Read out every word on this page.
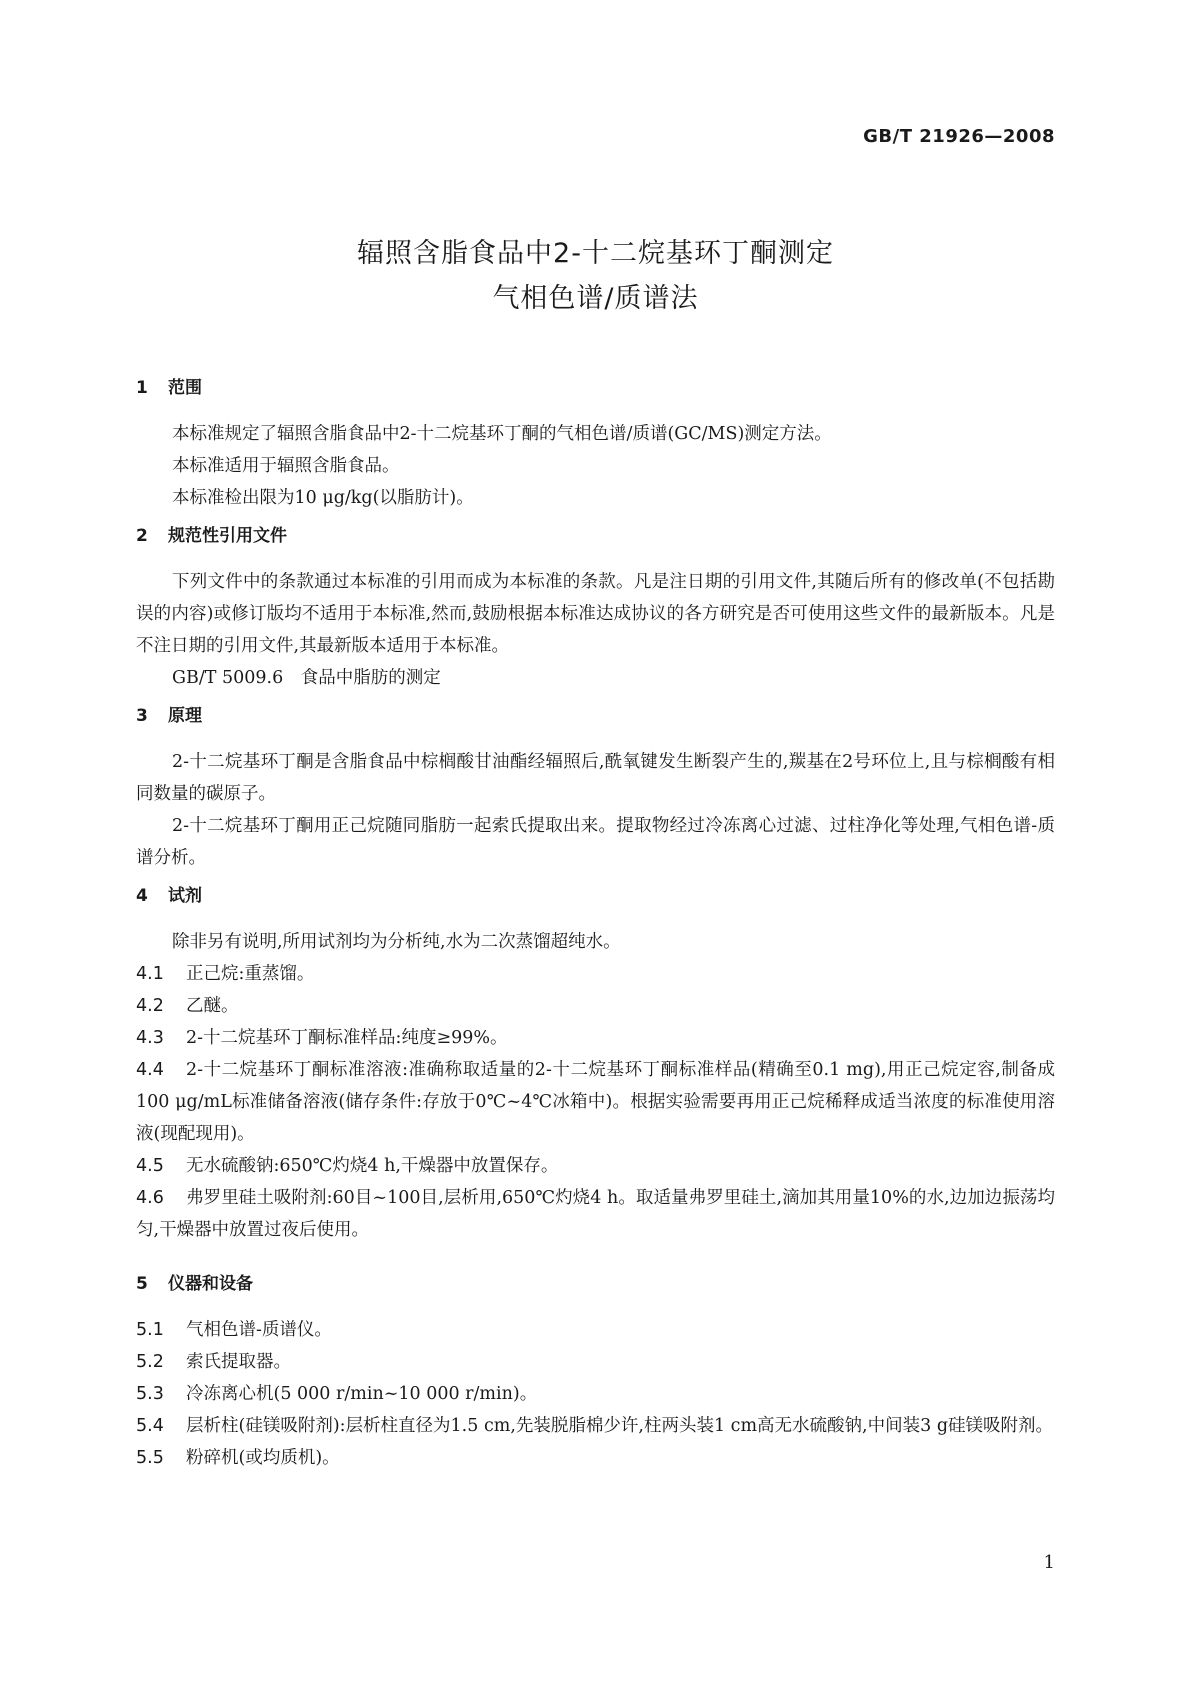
GB/T 21926—2008
辐照含脂食品中2-十二烷基环丁酮测定
气相色谱/质谱法
1 范围

本标准规定了辐照含脂食品中2-十二烷基环丁酮的气相色谱/质谱(GC/MS)测定方法。

本标准适用于辐照含脂食品。

本标准检出限为10 μg/kg(以脂肪计)。

2 规范性引用文件

下列文件中的条款通过本标准的引用而成为本标准的条款。凡是注日期的引用文件,其随后所有的修改单(不包括勘误的内容)或修订版均不适用于本标准,然而,鼓励根据本标准达成协议的各方研究是否可使用这些文件的最新版本。凡是不注日期的引用文件,其最新版本适用于本标准。

GB/T 5009.6　食品中脂肪的测定

3 原理

2-十二烷基环丁酮是含脂食品中棕榈酸甘油酯经辐照后,酰氧键发生断裂产生的,羰基在2号环位上,且与棕榈酸有相同数量的碳原子。

2-十二烷基环丁酮用正己烷随同脂肪一起索氏提取出来。提取物经过冷冻离心过滤、过柱净化等处理,气相色谱-质谱分析。

4 试剂

除非另有说明,所用试剂均为分析纯,水为二次蒸馏超纯水。

4.1 正己烷:重蒸馏。

4.2 乙醚。

4.3 2-十二烷基环丁酮标准样品:纯度≥99%。

4.4 2-十二烷基环丁酮标准溶液:准确称取适量的2-十二烷基环丁酮标准样品(精确至0.1 mg),用正己烷定容,制备成100 μg/mL标准储备溶液(储存条件:存放于0℃~4℃冰箱中)。根据实验需要再用正己烷稀释成适当浓度的标准使用溶液(现配现用)。

4.5 无水硫酸钠:650℃灼烧4 h,干燥器中放置保存。

4.6 弗罗里硅土吸附剂:60目~100目,层析用,650℃灼烧4 h。取适量弗罗里硅土,滴加其用量10%的水,边加边振荡均匀,干燥器中放置过夜后使用。

5 仪器和设备

5.1 气相色谱-质谱仪。

5.2 索氏提取器。

5.3 冷冻离心机(5 000 r/min~10 000 r/min)。

5.4 层析柱(硅镁吸附剂):层析柱直径为1.5 cm,先装脱脂棉少许,柱两头装1 cm高无水硫酸钠,中间装3 g硅镁吸附剂。

5.5 粉碎机(或均质机)。

1
